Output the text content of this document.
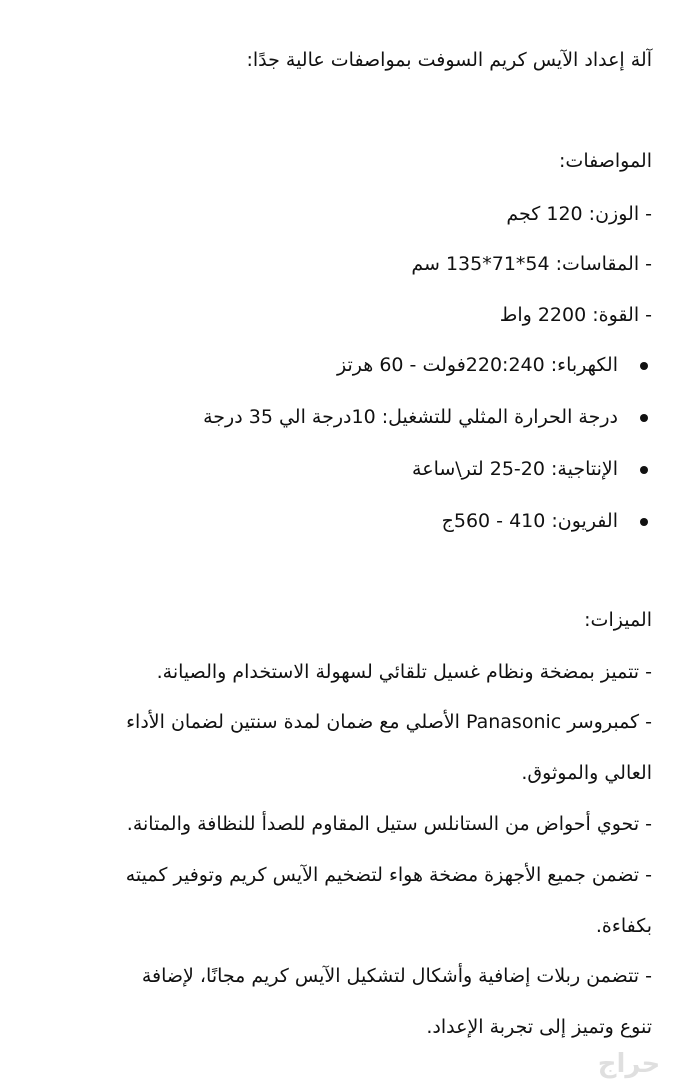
آلة إعداد الآيس كريم السوفت بمواصفات عالية جدًا:
المواصفات:
- الوزن: 120 كجم
- المقاسات: 54*71*135 سم
- القوة: 2200 واط
الكهرباء: 220:240فولت - 60 هرتز
درجة الحرارة المثلي للتشغيل: 10درجة الي 35 درجة
الإنتاجية: 20-25 لتر\ساعة
الفريون: 410 - 560ج
الميزات:
- تتميز بمضخة ونظام غسيل تلقائي لسهولة الاستخدام والصيانة.
- كمبروسر Panasonic الأصلي مع ضمان لمدة سنتين لضمان الأداء
العالي والموثوق.
- تحوي أحواض من الستانلس ستيل المقاوم للصدأ للنظافة والمتانة.
- تضمن جميع الأجهزة مضخة هواء لتضخيم الآيس كريم وتوفير كميته
بكفاءة.
- تتضمن ربلات إضافية وأشكال لتشكيل الآيس كريم مجانًا، لإضافة
تنوع وتميز إلى تجربة الإعداد.
حراج
